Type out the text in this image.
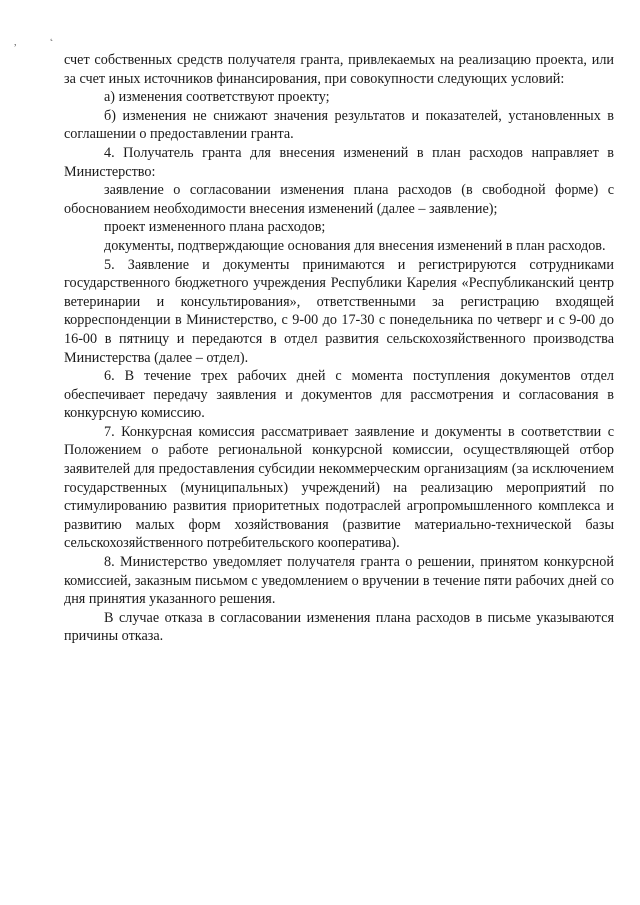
,
˛

счет собственных средств получателя гранта, привлекаемых на реализацию проекта, или за счет иных источников финансирования, при совокупности следующих условий:

а) изменения соответствуют проекту;

б) изменения не снижают значения результатов и показателей, установленных в соглашении о предоставлении гранта.

4. Получатель гранта для внесения изменений в план расходов направляет в Министерство:

заявление о согласовании изменения плана расходов (в свободной форме) с обоснованием необходимости внесения изменений (далее – заявление);

проект измененного плана расходов;

документы, подтверждающие основания для внесения изменений в план расходов.

5. Заявление и документы принимаются и регистрируются сотрудниками государственного бюджетного учреждения Республики Карелия «Республиканский центр ветеринарии и консультирования», ответственными за регистрацию входящей корреспонденции в Министерство, с 9-00 до 17-30 с понедельника по четверг и с 9-00 до 16-00 в пятницу и передаются в отдел развития сельскохозяйственного производства Министерства (далее – отдел).

6. В течение трех рабочих дней с момента поступления документов отдел обеспечивает передачу заявления и документов для рассмотрения и согласования в конкурсную комиссию.

7. Конкурсная комиссия рассматривает заявление и документы в соответствии с Положением о работе региональной конкурсной комиссии, осуществляющей отбор заявителей для предоставления субсидии некоммерческим организациям (за исключением государственных (муниципальных) учреждений) на реализацию мероприятий по стимулированию развития приоритетных подотраслей агропромышленного комплекса и развитию малых форм хозяйствования (развитие материально-технической базы сельскохозяйственного потребительского кооператива).

8. Министерство уведомляет получателя гранта о решении, принятом конкурсной комиссией, заказным письмом с уведомлением о вручении в течение пяти рабочих дней со дня принятия указанного решения.

В случае отказа в согласовании изменения плана расходов в письме указываются причины отказа.
